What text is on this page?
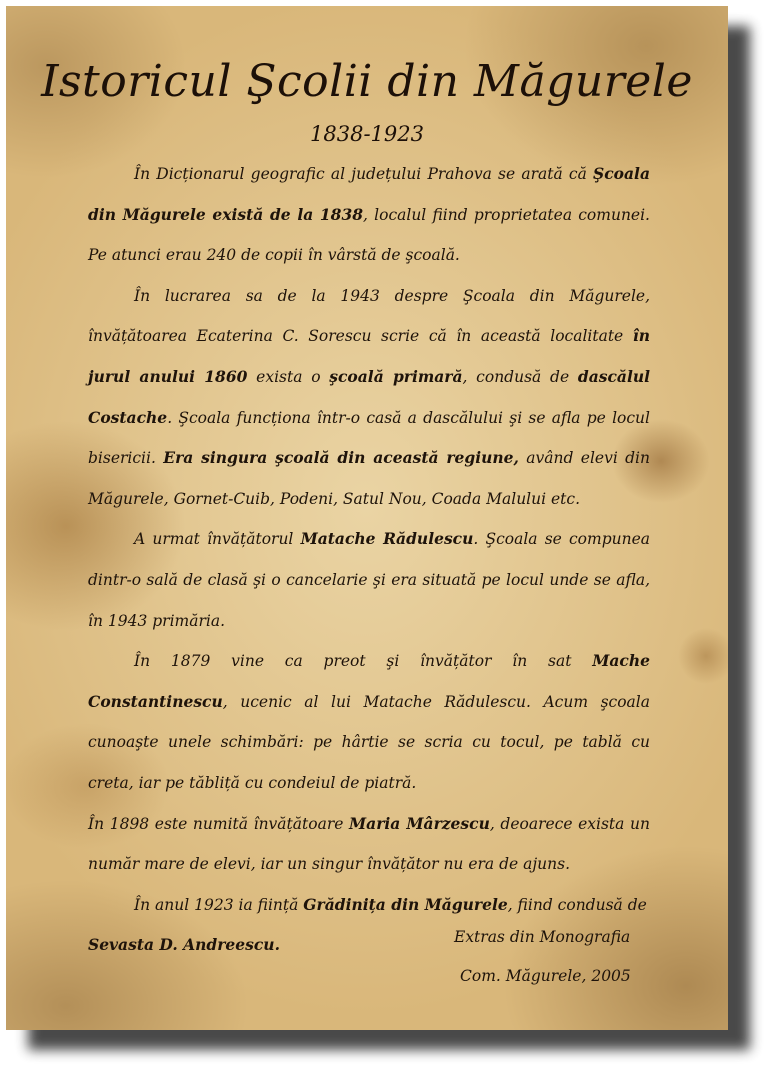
Istoricul Şcolii din Măgurele
1838-1923

În Dicționarul geografic al județului Prahova se arată că Şcoala din Măgurele există de la 1838, localul fiind proprietatea comunei. Pe atunci erau 240 de copii în vârstă de şcoală.

În lucrarea sa de la 1943 despre Şcoala din Măgurele, învățătoarea Ecaterina C. Sorescu scrie că în această localitate în jurul anului 1860 exista o şcoală primară, condusă de dascălul Costache. Şcoala funcționa într-o casă a dascălului şi se afla pe locul bisericii. Era singura şcoală din această regiune, având elevi din Măgurele, Gornet-Cuib, Podeni, Satul Nou, Coada Malului etc.

A urmat învățătorul Matache Rădulescu. Şcoala se compunea dintr-o sală de clasă şi o cancelarie şi era situată pe locul unde se afla, în 1943 primăria.

În 1879 vine ca preot şi învățător în sat Mache Constantinescu, ucenic al lui Matache Rădulescu. Acum şcoala cunoaşte unele schimbări: pe hârtie se scria cu tocul, pe tablă cu creta, iar pe tăbliță cu condeiul de piatră.

În 1898 este numită învățătoare Maria Mârzescu, deoarece exista un număr mare de elevi, iar un singur învățător nu era de ajuns.

În anul 1923 ia ființă Grădinița din Măgurele, fiind condusă de
Sevasta D. Andreescu.	Extras din Monografia
Com. Măgurele, 2005
